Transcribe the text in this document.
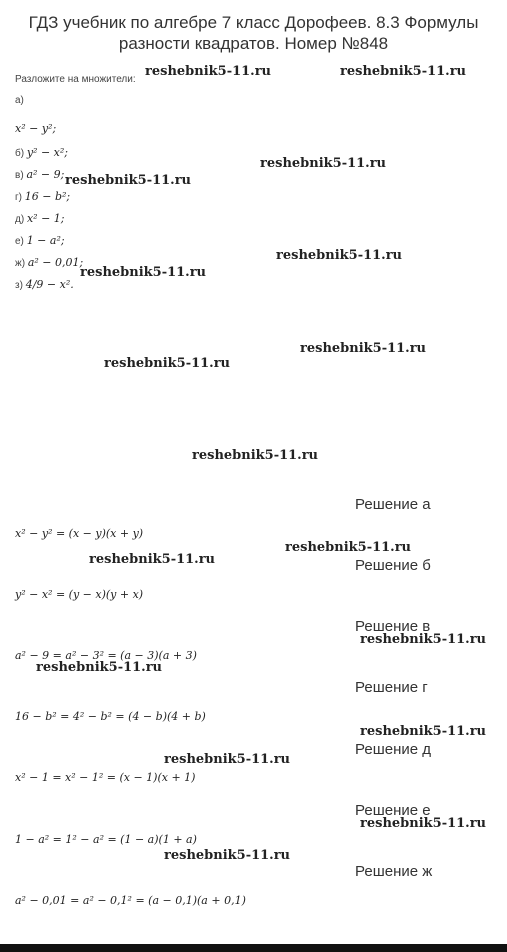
ГДЗ учебник по алгебре 7 класс Дорофеев. 8.3 Формулы
разности квадратов. Номер №848
Разложите на множители:
а)
x² − y²;
б) y² − x²;
в) a² − 9;
г) 16 − b²;
д) x² − 1;
е) 1 − a²;
ж) a² − 0,01;
з) 4/9 − x².
reshebnik5-11.ru	reshebnik5-11.ru
reshebnik5-11.ru
reshebnik5-11.ru
reshebnik5-11.ru
reshebnik5-11.ru
reshebnik5-11.ru
reshebnik5-11.ru
reshebnik5-11.ru
reshebnik5-11.ru
reshebnik5-11.ru
reshebnik5-11.ru
reshebnik5-11.ru
reshebnik5-11.ru
reshebnik5-11.ru
reshebnik5-11.ru
reshebnik5-11.ru
Решение а
x² − y² = (x − y)(x + y)
Решение б
y² − x² = (y − x)(y + x)
Решение в
a² − 9 = a² − 3² = (a − 3)(a + 3)
Решение г
16 − b² = 4² − b² = (4 − b)(4 + b)
Решение д
x² − 1 = x² − 1² = (x − 1)(x + 1)
Решение е
1 − a² = 1² − a² = (1 − a)(1 + a)
Решение ж
a² − 0,01 = a² − 0,1² = (a − 0,1)(a + 0,1)
